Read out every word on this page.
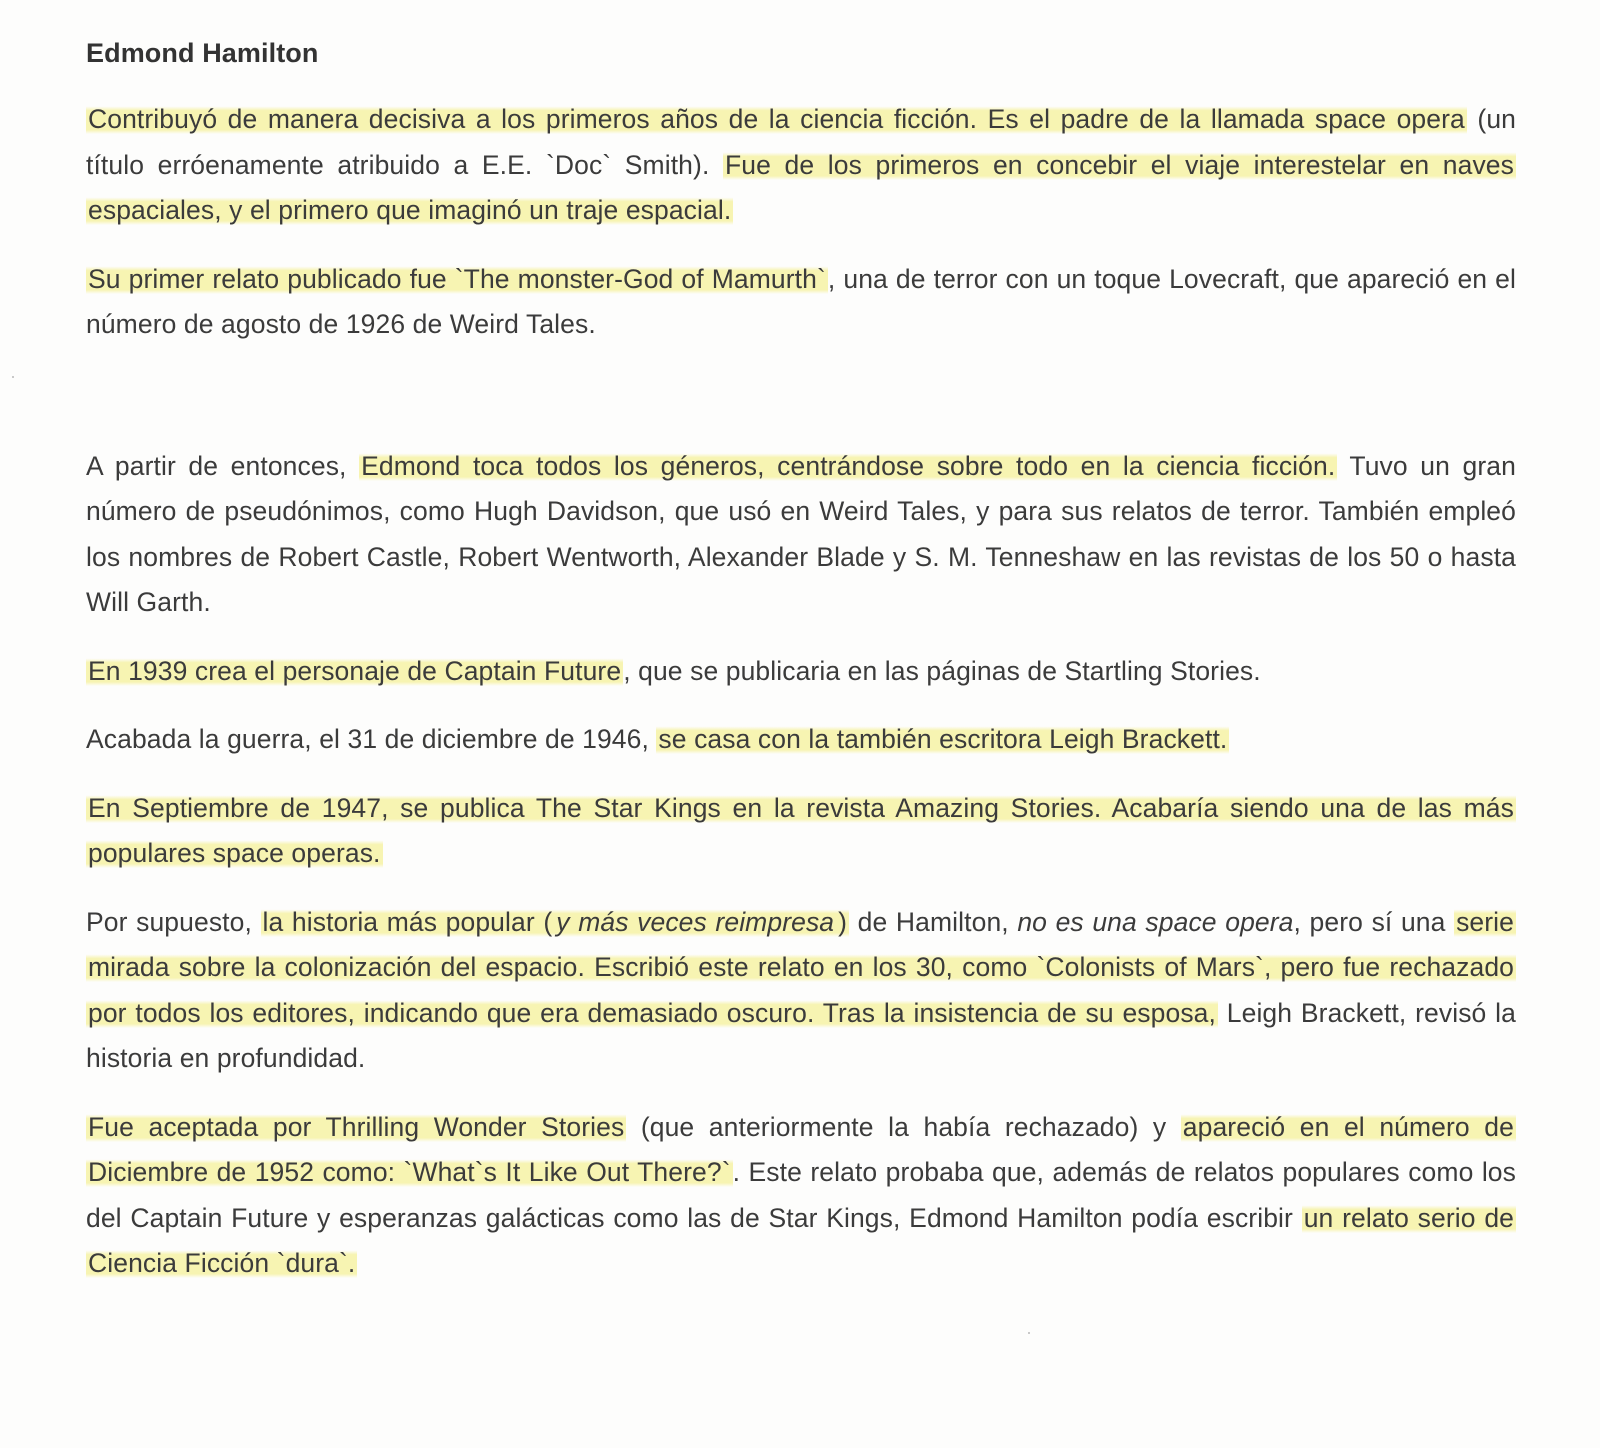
Edmond Hamilton

Contribuyó de manera decisiva a los primeros años de la ciencia ficción. Es el padre de la llamada space opera (un título erróenamente atribuido a E.E. `Doc` Smith). Fue de los primeros en concebir el viaje interestelar en naves espaciales, y el primero que imaginó un traje espacial.

Su primer relato publicado fue `The monster-God of Mamurth`, una de terror con un toque Lovecraft, que apareció en el número de agosto de 1926 de Weird Tales.

A partir de entonces, Edmond toca todos los géneros, centrándose sobre todo en la ciencia ficción. Tuvo un gran número de pseudónimos, como Hugh Davidson, que usó en Weird Tales, y para sus relatos de terror. También empleó los nombres de Robert Castle, Robert Wentworth, Alexander Blade y S. M. Tenneshaw en las revistas de los 50 o hasta Will Garth.

En 1939 crea el personaje de Captain Future, que se publicaria en las páginas de Startling Stories.

Acabada la guerra, el 31 de diciembre de 1946, se casa con la también escritora Leigh Brackett.

En Septiembre de 1947, se publica The Star Kings en la revista Amazing Stories. Acabaría siendo una de las más populares space operas.

Por supuesto, la historia más popular ( y más veces reimpresa ) de Hamilton, no es una space opera, pero sí una serie mirada sobre la colonización del espacio. Escribió este relato en los 30, como `Colonists of Mars`, pero fue rechazado por todos los editores, indicando que era demasiado oscuro. Tras la insistencia de su esposa, Leigh Brackett, revisó la historia en profundidad.

Fue aceptada por Thrilling Wonder Stories (que anteriormente la había rechazado) y apareció en el número de Diciembre de 1952 como: `What`s It Like Out There?`. Este relato probaba que, además de relatos populares como los del Captain Future y esperanzas galácticas como las de Star Kings, Edmond Hamilton podía escribir un relato serio de Ciencia Ficción `dura`.
